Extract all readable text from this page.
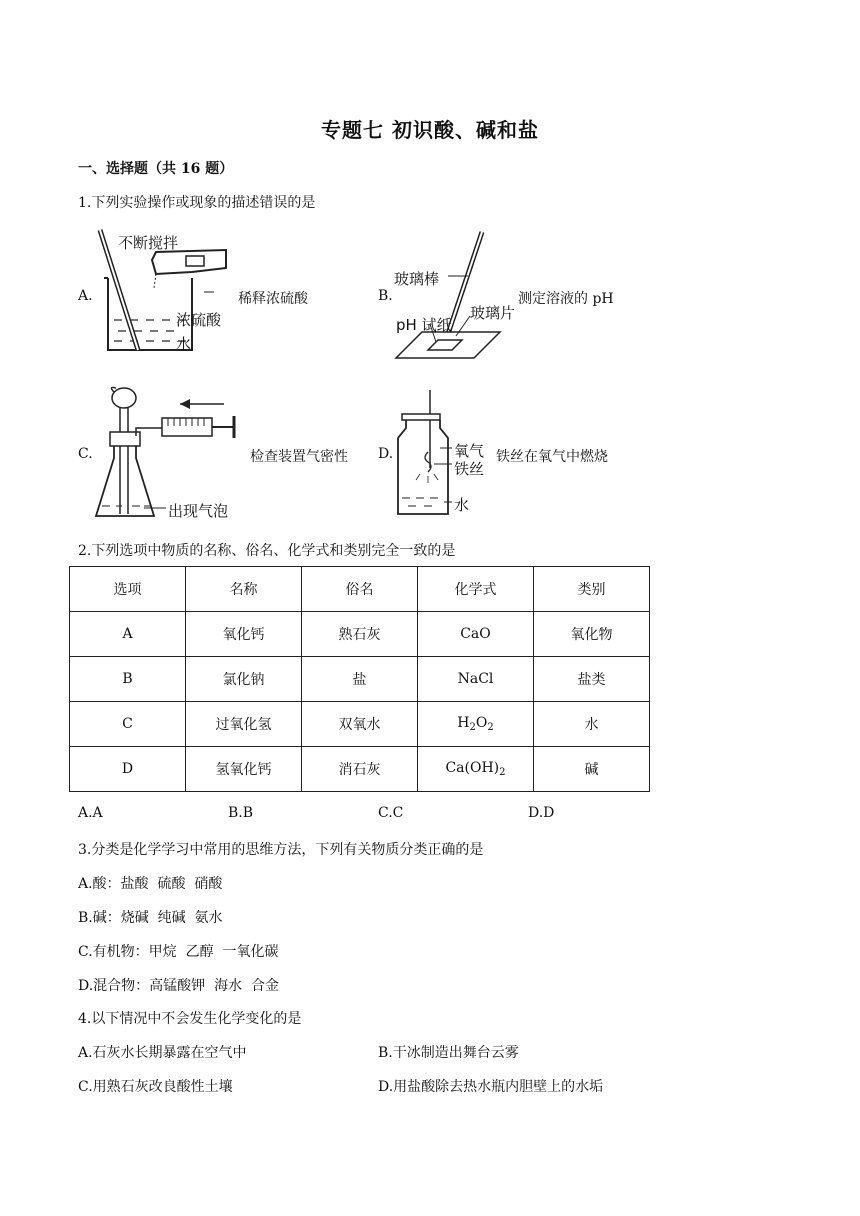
专题七 初识酸、碱和盐
一、选择题（共 16 题）
1.下列实验操作或现象的描述错误的是
A.
不断搅拌
浓硫酸
水
稀释浓硫酸	B.
玻璃棒
pH 试纸
玻璃片
测定溶液的 pH
C.
出现气泡
检查装置气密性 D.	氧气
铁丝
水
铁丝在氧气中燃烧
2.下列选项中物质的名称、俗名、化学式和类别完全一致的是
选项	名称	俗名	化学式	类别
A	氧化钙	熟石灰	CaO	氧化物
B	氯化钠	盐	NaCl	盐类
C	过氧化氢	双氧水	$H_2O_2$	水
D	氢氧化钙	消石灰	$Ca(OH)_2$	碱
A.A	B.B	C.C	D.D
3.分类是化学学习中常用的思维方法，下列有关物质分类正确的是
A.酸：盐酸  硫酸  硝酸
B.碱：烧碱  纯碱  氨水
C.有机物：甲烷  乙醇  一氧化碳
D.混合物：高锰酸钾  海水  合金
4.以下情况中不会发生化学变化的是
A.石灰水长期暴露在空气中	B.干冰制造出舞台云雾
C.用熟石灰改良酸性土壤	D.用盐酸除去热水瓶内胆壁上的水垢
